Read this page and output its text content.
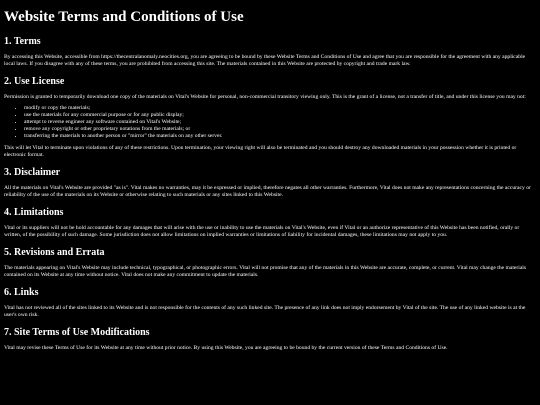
Website Terms and Conditions of Use
1. Terms

By accessing this Website, accessible from https://thecentralanomaly.neocities.org, you are agreeing to be bound by these Website Terms and Conditions of Use and agree that you are responsible for the agreement with any applicable local laws. If you disagree with any of these terms, you are prohibited from accessing this site. The materials contained in this Website are protected by copyright and trade mark law.

2. Use License

Permission is granted to temporarily download one copy of the materials on Vital's Website for personal, non-commercial transitory viewing only. This is the grant of a license, not a transfer of title, and under this license you may not:

• modify or copy the materials;
• use the materials for any commercial purpose or for any public display;
• attempt to reverse engineer any software contained on Vital's Website;
• remove any copyright or other proprietary notations from the materials; or
• transferring the materials to another person or "mirror" the materials on any other server.

This will let Vital to terminate upon violations of any of these restrictions. Upon termination, your viewing right will also be terminated and you should destroy any downloaded materials in your possession whether it is printed or electronic format.

3. Disclaimer

All the materials on Vital's Website are provided "as is". Vital makes no warranties, may it be expressed or implied, therefore negates all other warranties. Furthermore, Vital does not make any representations concerning the accuracy or reliability of the use of the materials on its Website or otherwise relating to such materials or any sites linked to this Website.

4. Limitations

Vital or its suppliers will not be hold accountable for any damages that will arise with the use or inability to use the materials on Vital's Website, even if Vital or an authorize representative of this Website has been notified, orally or written, of the possibility of such damage. Some jurisdiction does not allow limitations on implied warranties or limitations of liability for incidental damages, these limitations may not apply to you.

5. Revisions and Errata

The materials appearing on Vital's Website may include technical, typographical, or photographic errors. Vital will not promise that any of the materials in this Website are accurate, complete, or current. Vital may change the materials contained on its Website at any time without notice. Vital does not make any commitment to update the materials.

6. Links

Vital has not reviewed all of the sites linked to its Website and is not responsible for the contents of any such linked site. The presence of any link does not imply endorsement by Vital of the site. The use of any linked website is at the user's own risk.

7. Site Terms of Use Modifications

Vital may revise these Terms of Use for its Website at any time without prior notice. By using this Website, you are agreeing to be bound by the current version of these Terms and Conditions of Use.
